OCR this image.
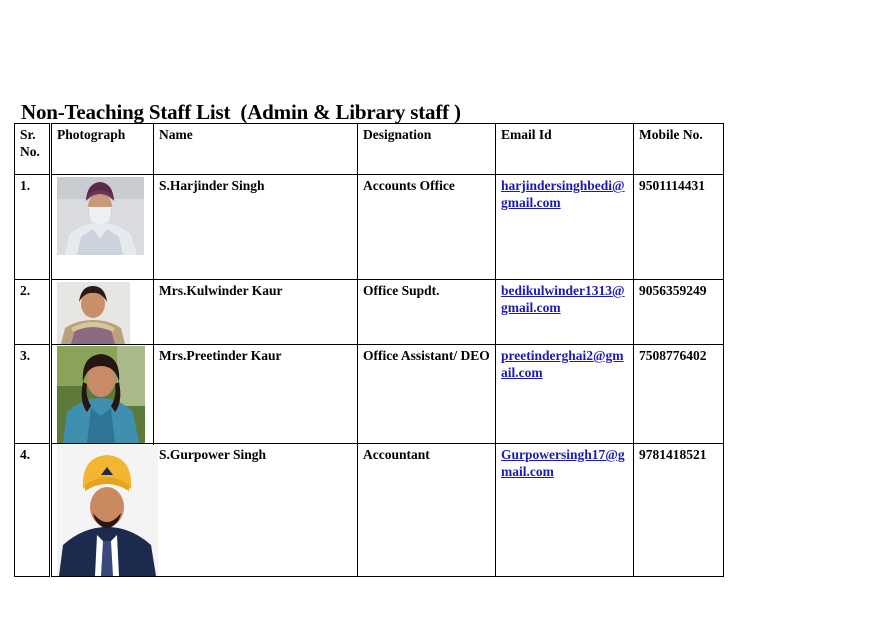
Non-Teaching Staff List  (Admin & Library staff )
Sr. No.	Photograph	Name	Designation	Email Id	Mobile No.
1.		S.Harjinder Singh	Accounts Office	harjindersinghbedi@gmail.com	9501114431
2.		Mrs.Kulwinder Kaur	Office Supdt.	bedikulwinder1313@gmail.com	9056359249
3.		Mrs.Preetinder Kaur	Office Assistant/ DEO	preetinderghai2@gmail.com	7508776402
4.		S.Gurpower Singh	Accountant	Gurpowersingh17@gmail.com	9781418521
